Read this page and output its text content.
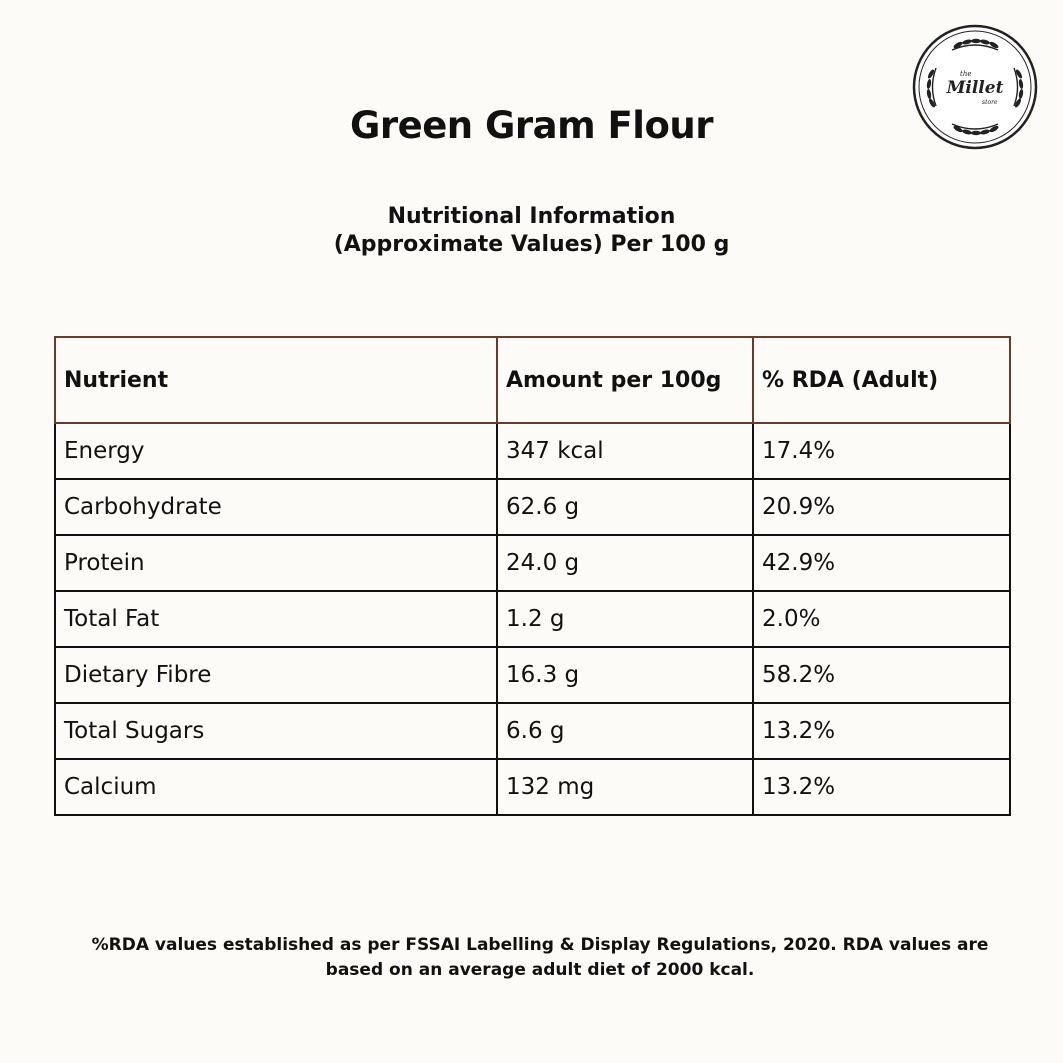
Green Gram Flour
Nutritional Information
(Approximate Values) Per 100 g
the
Millet
store
Nutrient	Amount per 100g	% RDA (Adult)
Energy	347 kcal	17.4%
Carbohydrate	62.6 g	20.9%
Protein	24.0 g	42.9%
Total Fat	1.2 g	2.0%
Dietary Fibre	16.3 g	58.2%
Total Sugars	6.6 g	13.2%
Calcium	132 mg	13.2%
%RDA values established as per FSSAI Labelling & Display Regulations, 2020. RDA values are
based on an average adult diet of 2000 kcal.
